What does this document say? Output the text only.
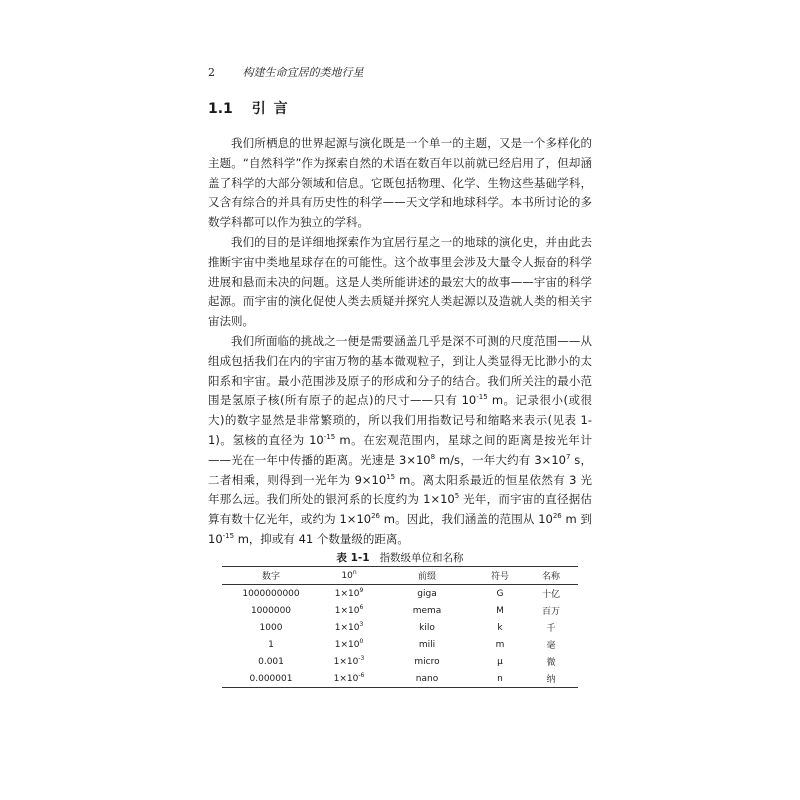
2	构建生命宜居的类地行星
1.1 引言

我们所栖息的世界起源与演化既是一个单一的主题，又是一个多样化的主题。“自然科学”作为探索自然的术语在数百年以前就已经启用了，但却涵盖了科学的大部分领域和信息。它既包括物理、化学、生物这些基础学科，又含有综合的并具有历史性的科学——天文学和地球科学。本书所讨论的多数学科都可以作为独立的学科。

我们的目的是详细地探索作为宜居行星之一的地球的演化史，并由此去推断宇宙中类地星球存在的可能性。这个故事里会涉及大量令人振奋的科学进展和悬而未决的问题。这是人类所能讲述的最宏大的故事——宇宙的科学起源。而宇宙的演化促使人类去质疑并探究人类起源以及造就人类的相关宇宙法则。

我们所面临的挑战之一便是需要涵盖几乎是深不可测的尺度范围——从组成包括我们在内的宇宙万物的基本微观粒子，到让人类显得无比渺小的太阳系和宇宙。最小范围涉及原子的形成和分子的结合。我们所关注的最小范围是氢原子核(所有原子的起点)的尺寸——只有 $10^{-15}$ m。记录很小(或很大)的数字显然是非常繁琐的，所以我们用指数记号和缩略来表示(见表 1-1)。氢核的直径为 $10^{-15}$ m。在宏观范围内，星球之间的距离是按光年计——光在一年中传播的距离。光速是 $3\times 10^8$ m/s，一年大约有 $3\times 10^7$ s，二者相乘，则得到一光年为 $9\times 10^{15}$ m。离太阳系最近的恒星依然有 3 光年那么远。我们所处的银河系的长度约为 $1\times 10^5$ 光年，而宇宙的直径据估算有数十亿光年，或约为 $1\times 10^{26}$ m。因此，我们涵盖的范围从 $10^{26}$ m 到 $10^{-15}$ m，抑或有 41 个数量级的距离。

表 1-1 指数级单位和名称
数字	10$^n$	前缀	符号	名称
1000000000	$1\times 10^9$	giga	G	十亿
1000000	$1\times 10^6$	mema	M	百万
1000	$1\times 10^3$	kilo	k	千
1	$1\times 10^0$	mili	m	毫
0.001	$1\times 10^{-3}$	micro	μ	微
0.000001	$1\times 10^{-6}$	nano	n	纳
